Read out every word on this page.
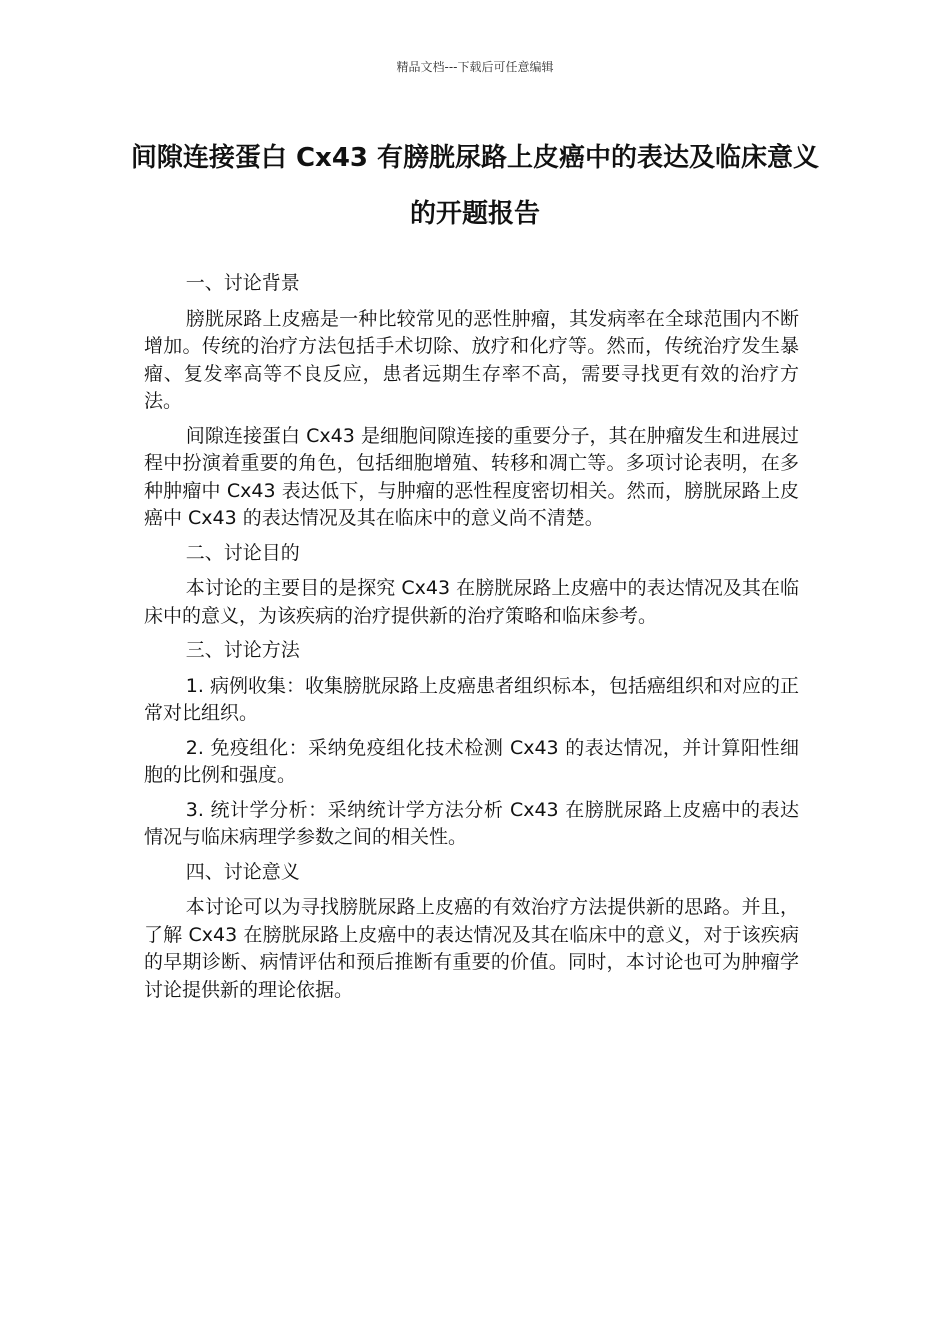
精品文档---下载后可任意编辑
间隙连接蛋白 Cx43 有膀胱尿路上皮癌中的表达及临床意义的开题报告

一、讨论背景

膀胱尿路上皮癌是一种比较常见的恶性肿瘤，其发病率在全球范围内不断增加。传统的治疗方法包括手术切除、放疗和化疗等。然而，传统治疗发生暴瘤、复发率高等不良反应，患者远期生存率不高，需要寻找更有效的治疗方法。

间隙连接蛋白 Cx43 是细胞间隙连接的重要分子，其在肿瘤发生和进展过程中扮演着重要的角色，包括细胞增殖、转移和凋亡等。多项讨论表明，在多种肿瘤中 Cx43 表达低下，与肿瘤的恶性程度密切相关。然而，膀胱尿路上皮癌中 Cx43 的表达情况及其在临床中的意义尚不清楚。

二、讨论目的

本讨论的主要目的是探究 Cx43 在膀胱尿路上皮癌中的表达情况及其在临床中的意义，为该疾病的治疗提供新的治疗策略和临床参考。

三、讨论方法

1. 病例收集：收集膀胱尿路上皮癌患者组织标本，包括癌组织和对应的正常对比组织。

2. 免疫组化：采纳免疫组化技术检测 Cx43 的表达情况，并计算阳性细胞的比例和强度。

3. 统计学分析：采纳统计学方法分析 Cx43 在膀胱尿路上皮癌中的表达情况与临床病理学参数之间的相关性。

四、讨论意义

本讨论可以为寻找膀胱尿路上皮癌的有效治疗方法提供新的思路。并且，了解 Cx43 在膀胱尿路上皮癌中的表达情况及其在临床中的意义，对于该疾病的早期诊断、病情评估和预后推断有重要的价值。同时，本讨论也可为肿瘤学讨论提供新的理论依据。
